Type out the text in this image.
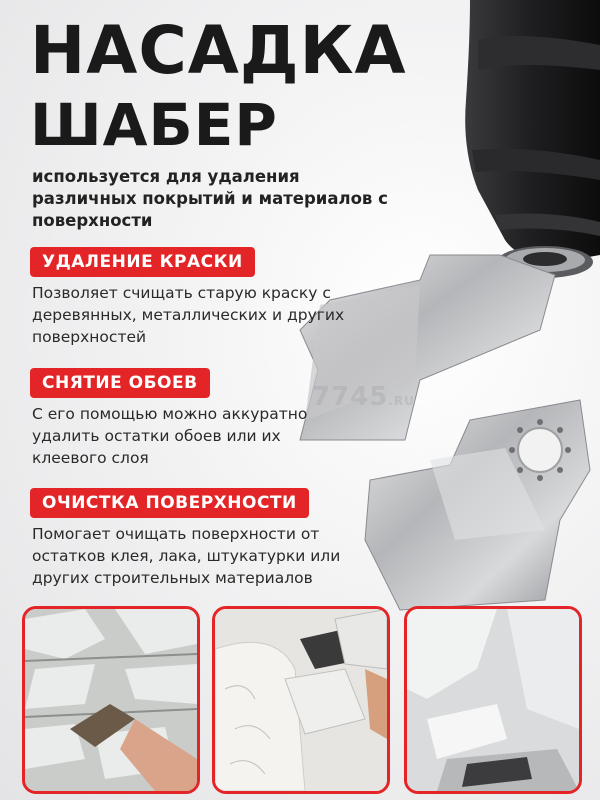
НАСАДКА
ШАБЕР
используется для удаления различных покрытий и материалов с поверхности
УДАЛЕНИЕ КРАСКИ
Позволяет счищать старую краску с деревянных, металлических и других поверхностей
СНЯТИЕ ОБОЕВ
С его помощью можно аккуратно удалить остатки обоев или их клеевого слоя
ОЧИСТКА ПОВЕРХНОСТИ
Помогает очищать поверхности от остатков клея, лака, штукатурки или других строительных материалов
7745.RU
